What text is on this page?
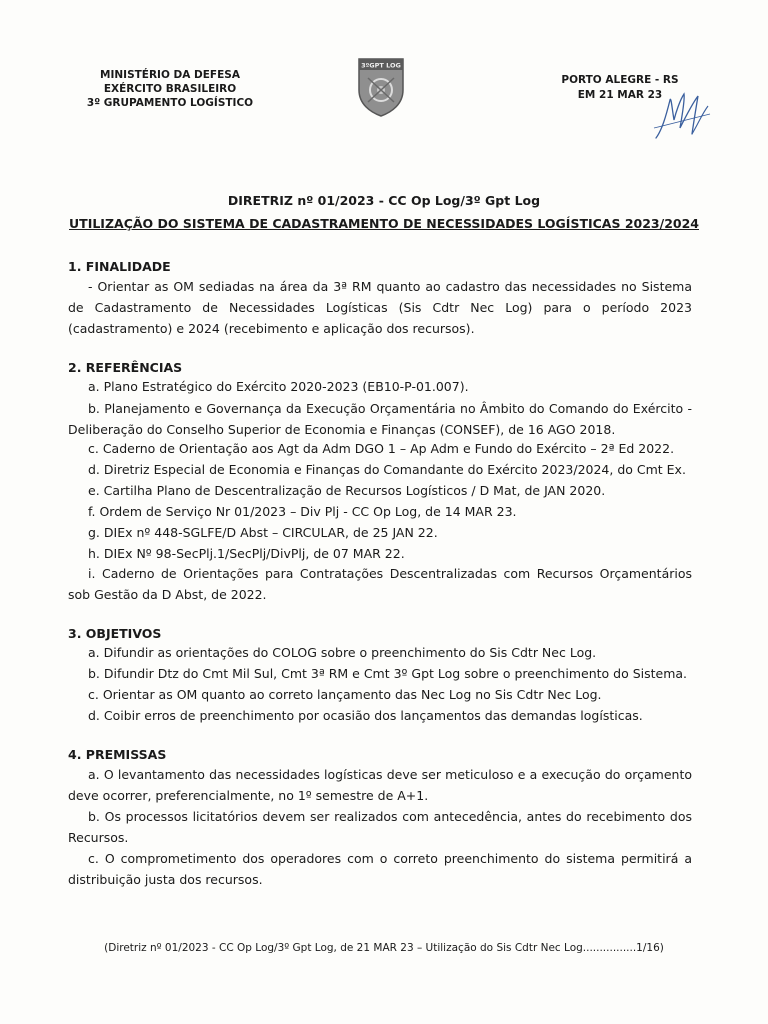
MINISTÉRIO DA DEFESA
EXÉRCITO BRASILEIRO
3º GRUPAMENTO LOGÍSTICO
3ºGPT LOG
PORTO ALEGRE - RS
EM 21 MAR 23
DIRETRIZ nº 01/2023 - CC Op Log/3º Gpt Log
UTILIZAÇÃO DO SISTEMA DE CADASTRAMENTO DE NECESSIDADES LOGÍSTICAS 2023/2024
1. FINALIDADE
- Orientar as OM sediadas na área da 3ª RM quanto ao cadastro das necessidades no Sistema de Cadastramento de Necessidades Logísticas (Sis Cdtr Nec Log) para o período 2023 (cadastramento) e 2024 (recebimento e aplicação dos recursos).
2. REFERÊNCIAS
a. Plano Estratégico do Exército 2020-2023 (EB10-P-01.007).
b. Planejamento e Governança da Execução Orçamentária no Âmbito do Comando do Exército - Deliberação do Conselho Superior de Economia e Finanças (CONSEF), de 16 AGO 2018.
c. Caderno de Orientação aos Agt da Adm DGO 1 – Ap Adm e Fundo do Exército – 2ª Ed 2022.
d. Diretriz Especial de Economia e Finanças do Comandante do Exército 2023/2024, do Cmt Ex.
e. Cartilha Plano de Descentralização de Recursos Logísticos / D Mat, de JAN 2020.
f. Ordem de Serviço Nr 01/2023 – Div Plj - CC Op Log, de 14 MAR 23.
g. DIEx nº 448-SGLFE/D Abst – CIRCULAR, de 25 JAN 22.
h. DIEx Nº 98-SecPlj.1/SecPlj/DivPlj, de 07 MAR 22.
i. Caderno de Orientações para Contratações Descentralizadas com Recursos Orçamentários sob Gestão da D Abst, de 2022.
3. OBJETIVOS
a. Difundir as orientações do COLOG sobre o preenchimento do Sis Cdtr Nec Log.
b. Difundir Dtz do Cmt Mil Sul, Cmt 3ª RM e Cmt 3º Gpt Log sobre o preenchimento do Sistema.
c. Orientar as OM quanto ao correto lançamento das Nec Log no Sis Cdtr Nec Log.
d. Coibir erros de preenchimento por ocasião dos lançamentos das demandas logísticas.
4. PREMISSAS
a. O levantamento das necessidades logísticas deve ser meticuloso e a execução do orçamento deve ocorrer, preferencialmente, no 1º semestre de A+1.
b. Os processos licitatórios devem ser realizados com antecedência, antes do recebimento dos Recursos.
c. O comprometimento dos operadores com o correto preenchimento do sistema permitirá a distribuição justa dos recursos.
(Diretriz nº 01/2023 - CC Op Log/3º Gpt Log, de 21 MAR 23 – Utilização do Sis Cdtr Nec Log................1/16)
